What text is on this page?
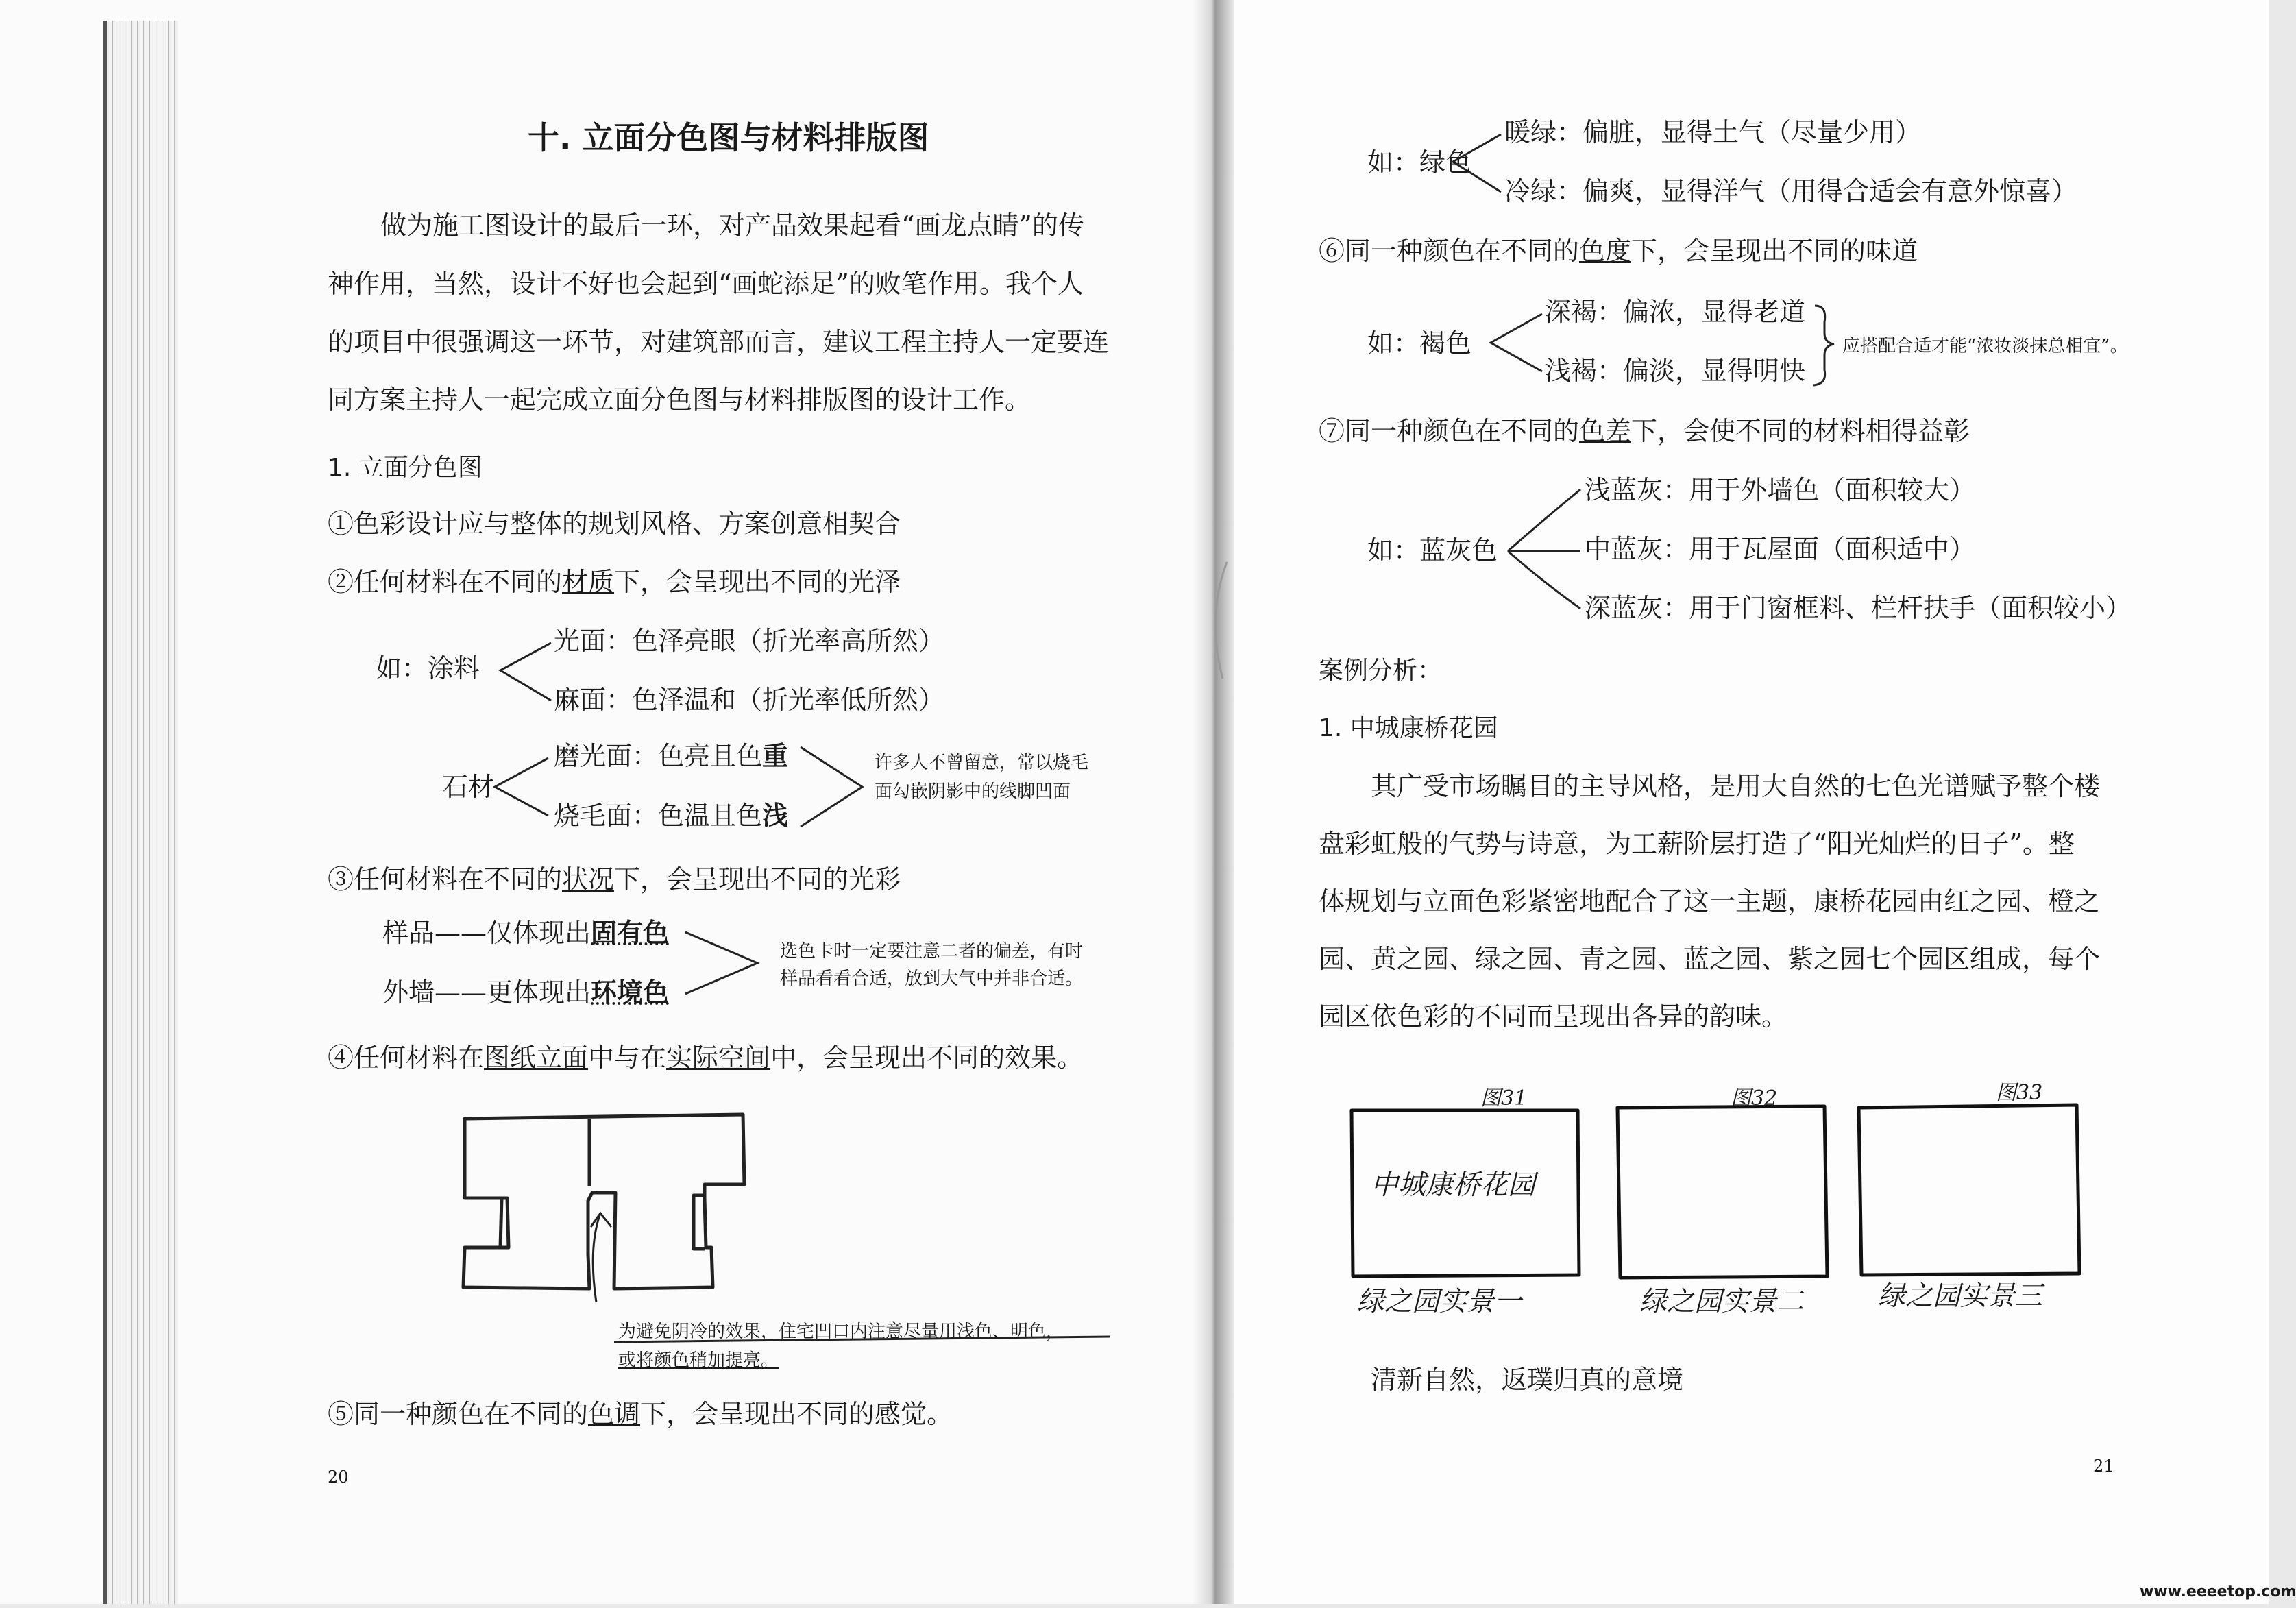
十. 立面分色图与材料排版图
做为施工图设计的最后一环，对产品效果起看“画龙点睛”的传
神作用，当然，设计不好也会起到“画蛇添足”的败笔作用。我个人
的项目中很强调这一环节，对建筑部而言，建议工程主持人一定要连
同方案主持人一起完成立面分色图与材料排版图的设计工作。
1. 立面分色图
①色彩设计应与整体的规划风格、方案创意相契合
②任何材料在不同的材质下，会呈现出不同的光泽
如：涂料
光面：色泽亮眼（折光率高所然）
麻面：色泽温和（折光率低所然）
石材
磨光面：色亮且色重
烧毛面：色温且色浅
许多人不曾留意，常以烧毛
面勾嵌阴影中的线脚凹面
③任何材料在不同的状况下，会呈现出不同的光彩
样品——仅体现出固有色
外墙——更体现出环境色
选色卡时一定要注意二者的偏差，有时
样品看看合适，放到大气中并非合适。
④任何材料在图纸立面中与在实际空间中，会呈现出不同的效果。
为避免阴冷的效果，住宅凹口内注意尽量用浅色、明色，
或将颜色稍加提亮。
⑤同一种颜色在不同的色调下，会呈现出不同的感觉。
20
如：绿色
暖绿：偏脏，显得土气（尽量少用）
冷绿：偏爽，显得洋气（用得合适会有意外惊喜）
⑥同一种颜色在不同的色度下，会呈现出不同的味道
如：褐色
深褐：偏浓，显得老道
浅褐：偏淡，显得明快
应搭配合适才能“浓妆淡抹总相宜”。
⑦同一种颜色在不同的色差下，会使不同的材料相得益彰
如：蓝灰色
浅蓝灰：用于外墙色（面积较大）
中蓝灰：用于瓦屋面（面积适中）
深蓝灰：用于门窗框料、栏杆扶手（面积较小）
案例分析：
1. 中城康桥花园
其广受市场瞩目的主导风格，是用大自然的七色光谱赋予整个楼
盘彩虹般的气势与诗意，为工薪阶层打造了“阳光灿烂的日子”。整
体规划与立面色彩紧密地配合了这一主题，康桥花园由红之园、橙之
园、黄之园、绿之园、青之园、蓝之园、紫之园七个园区组成，每个
园区依色彩的不同而呈现出各异的韵味。
图31	图32	图33
中城康桥花园
绿之园实景一	绿之园实景二	绿之园实景三
清新自然，返璞归真的意境
21
www.eeeetop.com
